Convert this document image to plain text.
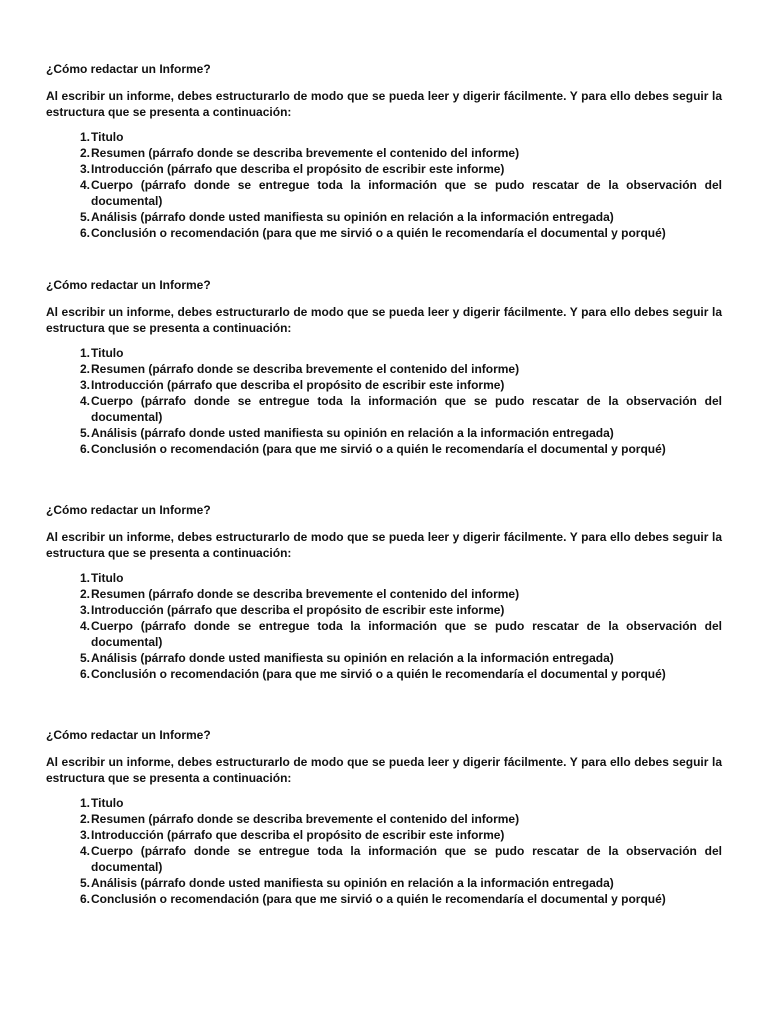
¿Cómo redactar un Informe?

Al escribir un informe, debes estructurarlo de modo que se pueda leer y digerir fácilmente. Y para ello debes seguir la estructura que se presenta a continuación:

1. Titulo
2. Resumen (párrafo donde se describa brevemente el contenido del informe)
3. Introducción (párrafo que describa el propósito de escribir este informe)
4. Cuerpo (párrafo donde se entregue toda la información que se pudo rescatar de la observación del documental)
5. Análisis (párrafo donde usted manifiesta su opinión en relación a la información entregada)
6. Conclusión o recomendación (para que me sirvió o a quién le recomendaría el documental y porqué)

¿Cómo redactar un Informe?

Al escribir un informe, debes estructurarlo de modo que se pueda leer y digerir fácilmente. Y para ello debes seguir la estructura que se presenta a continuación:

1. Titulo
2. Resumen (párrafo donde se describa brevemente el contenido del informe)
3. Introducción (párrafo que describa el propósito de escribir este informe)
4. Cuerpo (párrafo donde se entregue toda la información que se pudo rescatar de la observación del documental)
5. Análisis (párrafo donde usted manifiesta su opinión en relación a la información entregada)
6. Conclusión o recomendación (para que me sirvió o a quién le recomendaría el documental y porqué)

¿Cómo redactar un Informe?

Al escribir un informe, debes estructurarlo de modo que se pueda leer y digerir fácilmente. Y para ello debes seguir la estructura que se presenta a continuación:

1. Titulo
2. Resumen (párrafo donde se describa brevemente el contenido del informe)
3. Introducción (párrafo que describa el propósito de escribir este informe)
4. Cuerpo (párrafo donde se entregue toda la información que se pudo rescatar de la observación del documental)
5. Análisis (párrafo donde usted manifiesta su opinión en relación a la información entregada)
6. Conclusión o recomendación (para que me sirvió o a quién le recomendaría el documental y porqué)

¿Cómo redactar un Informe?

Al escribir un informe, debes estructurarlo de modo que se pueda leer y digerir fácilmente. Y para ello debes seguir la estructura que se presenta a continuación:

1. Titulo
2. Resumen (párrafo donde se describa brevemente el contenido del informe)
3. Introducción (párrafo que describa el propósito de escribir este informe)
4. Cuerpo (párrafo donde se entregue toda la información que se pudo rescatar de la observación del documental)
5. Análisis (párrafo donde usted manifiesta su opinión en relación a la información entregada)
6. Conclusión o recomendación (para que me sirvió o a quién le recomendaría el documental y porqué)
